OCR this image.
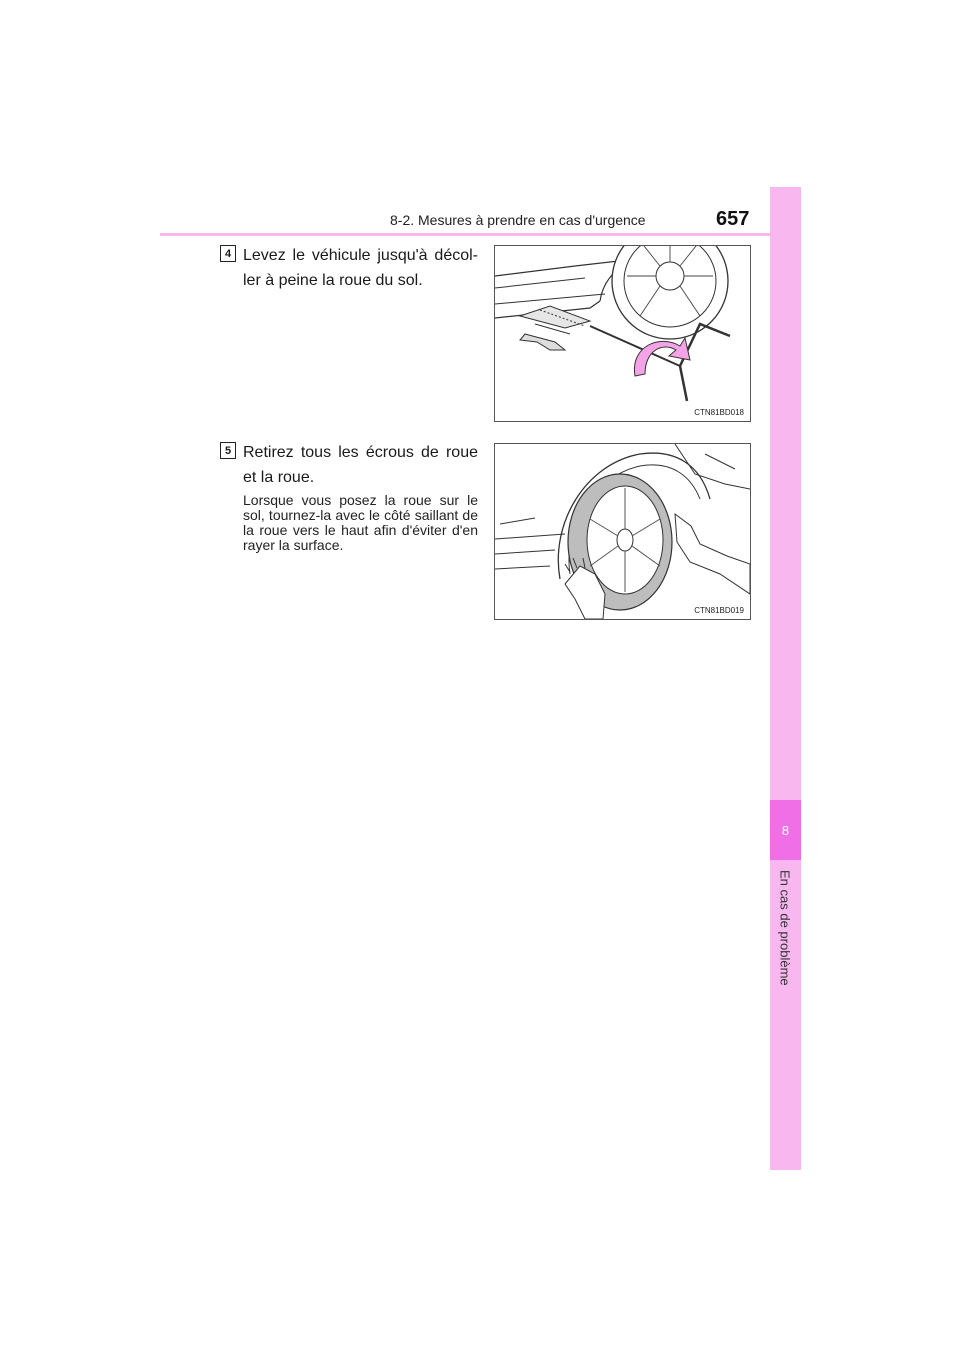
8-2. Mesures à prendre en cas d'urgence	657
8
En cas de problème
4 Levez le véhicule jusqu'à décol-ler à peine la roue du sol.
CTN81BD018
5 Retirez tous les écrous de roue et la roue.
Lorsque vous posez la roue sur le sol, tournez-la avec le côté saillant de la roue vers le haut afin d'éviter d'en rayer la surface.
CTN81BD019
